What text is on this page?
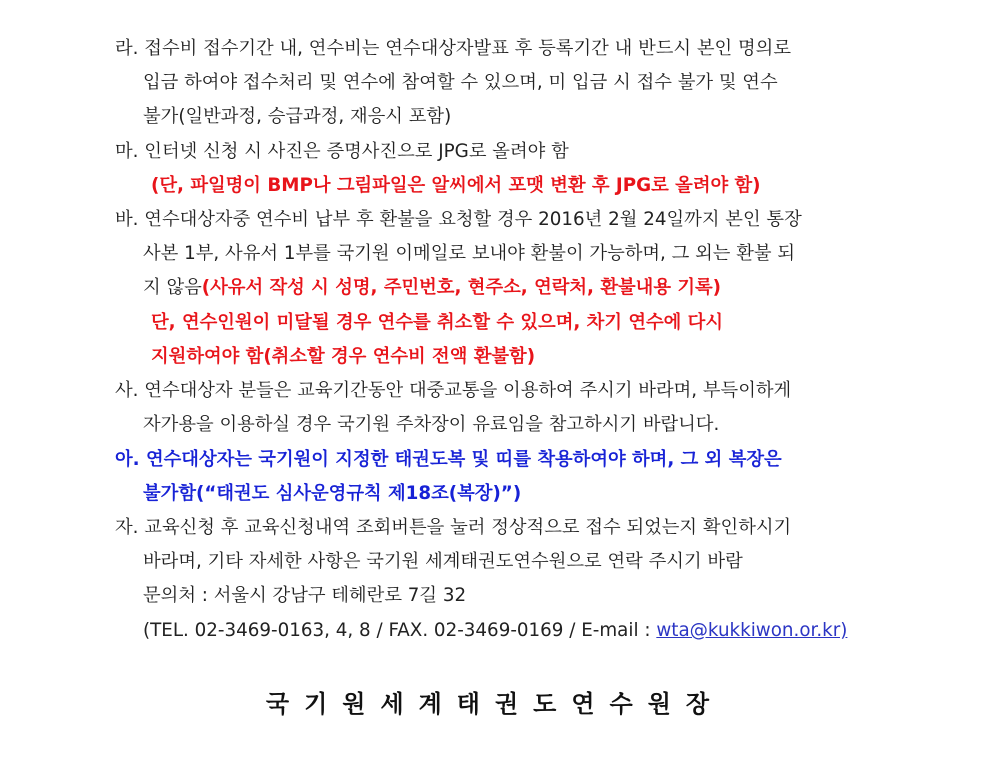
라. 접수비 접수기간 내, 연수비는 연수대상자발표 후 등록기간 내 반드시 본인 명의로
입금 하여야 접수처리 및 연수에 참여할 수 있으며, 미 입금 시 접수 불가 및 연수
불가(일반과정, 승급과정, 재응시 포함)
마. 인터넷 신청 시 사진은 증명사진으로 JPG로 올려야 함
(단, 파일명이 BMP나 그림파일은 알씨에서 포맷 변환 후 JPG로 올려야 함)
바. 연수대상자중 연수비 납부 후 환불을 요청할 경우 2016년 2월 24일까지 본인 통장
사본 1부, 사유서 1부를 국기원 이메일로 보내야 환불이 가능하며, 그 외는 환불 되
지 않음(사유서 작성 시 성명, 주민번호, 현주소, 연락처, 환불내용 기록)
단, 연수인원이 미달될 경우 연수를 취소할 수 있으며, 차기 연수에 다시
지원하여야 함(취소할 경우 연수비 전액 환불함)
사. 연수대상자 분들은 교육기간동안 대중교통을 이용하여 주시기 바라며, 부득이하게
자가용을 이용하실 경우 국기원 주차장이 유료임을 참고하시기 바랍니다.
아. 연수대상자는 국기원이 지정한 태권도복 및 띠를 착용하여야 하며, 그 외 복장은
불가함(“태권도 심사운영규칙 제18조(복장)”)
자. 교육신청 후 교육신청내역 조회버튼을 눌러 정상적으로 접수 되었는지 확인하시기
바라며, 기타 자세한 사항은 국기원 세계태권도연수원으로 연락 주시기 바람
문의처 : 서울시 강남구 테헤란로 7길 32
(TEL. 02-3469-0163, 4, 8 / FAX. 02-3469-0169 / E-mail : wta@kukkiwon.or.kr)
국기원세계태권도연수원장
